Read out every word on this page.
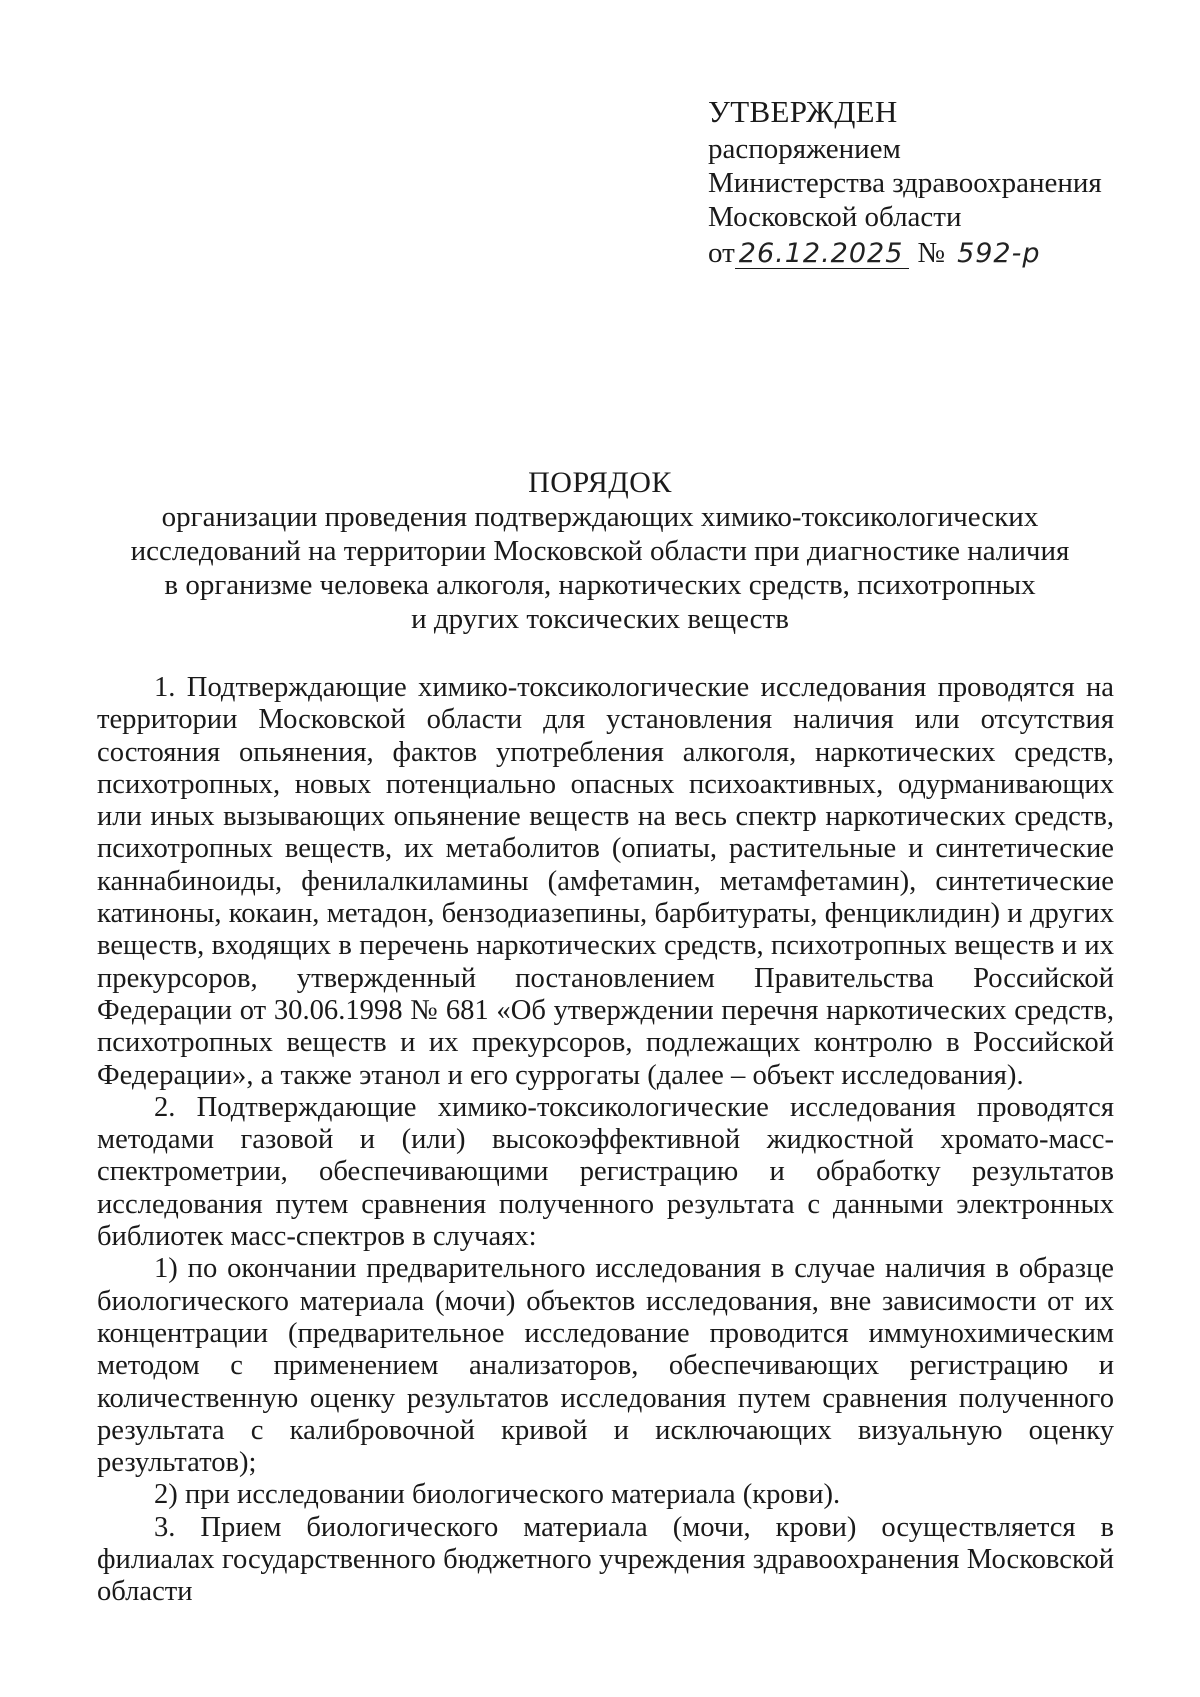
УТВЕРЖДЕН
распоряжением
Министерства здравоохранения
Московской области
от 26.12.2025 № 592-р
ПОРЯДОК
организации проведения подтверждающих химико-токсикологических
исследований на территории Московской области при диагностике наличия
в организме человека алкоголя, наркотических средств, психотропных
и других токсических веществ

1. Подтверждающие химико-токсикологические исследования проводятся на территории Московской области для установления наличия или отсутствия состояния опьянения, фактов употребления алкоголя, наркотических средств, психотропных, новых потенциально опасных психоактивных, одурманивающих или иных вызывающих опьянение веществ на весь спектр наркотических средств, психотропных веществ, их метаболитов (опиаты, растительные и синтетические каннабиноиды, фенилалкиламины (амфетамин, метамфетамин), синтетические катиноны, кокаин, метадон, бензодиазепины, барбитураты, фенциклидин) и других веществ, входящих в перечень наркотических средств, психотропных веществ и их прекурсоров, утвержденный постановлением Правительства Российской Федерации от 30.06.1998 № 681 «Об утверждении перечня наркотических средств, психотропных веществ и их прекурсоров, подлежащих контролю в Российской Федерации», а также этанол и его суррогаты (далее – объект исследования).

2. Подтверждающие химико-токсикологические исследования проводятся методами газовой и (или) высокоэффективной жидкостной хромато-масс-спектрометрии, обеспечивающими регистрацию и обработку результатов исследования путем сравнения полученного результата с данными электронных библиотек масс-спектров в случаях:

1) по окончании предварительного исследования в случае наличия в образце биологического материала (мочи) объектов исследования, вне зависимости от их концентрации (предварительное исследование проводится иммунохимическим методом с применением анализаторов, обеспечивающих регистрацию и количественную оценку результатов исследования путем сравнения полученного результата с калибровочной кривой и исключающих визуальную оценку результатов);

2) при исследовании биологического материала (крови).

3. Прием биологического материала (мочи, крови) осуществляется в филиалах государственного бюджетного учреждения здравоохранения Московской области
